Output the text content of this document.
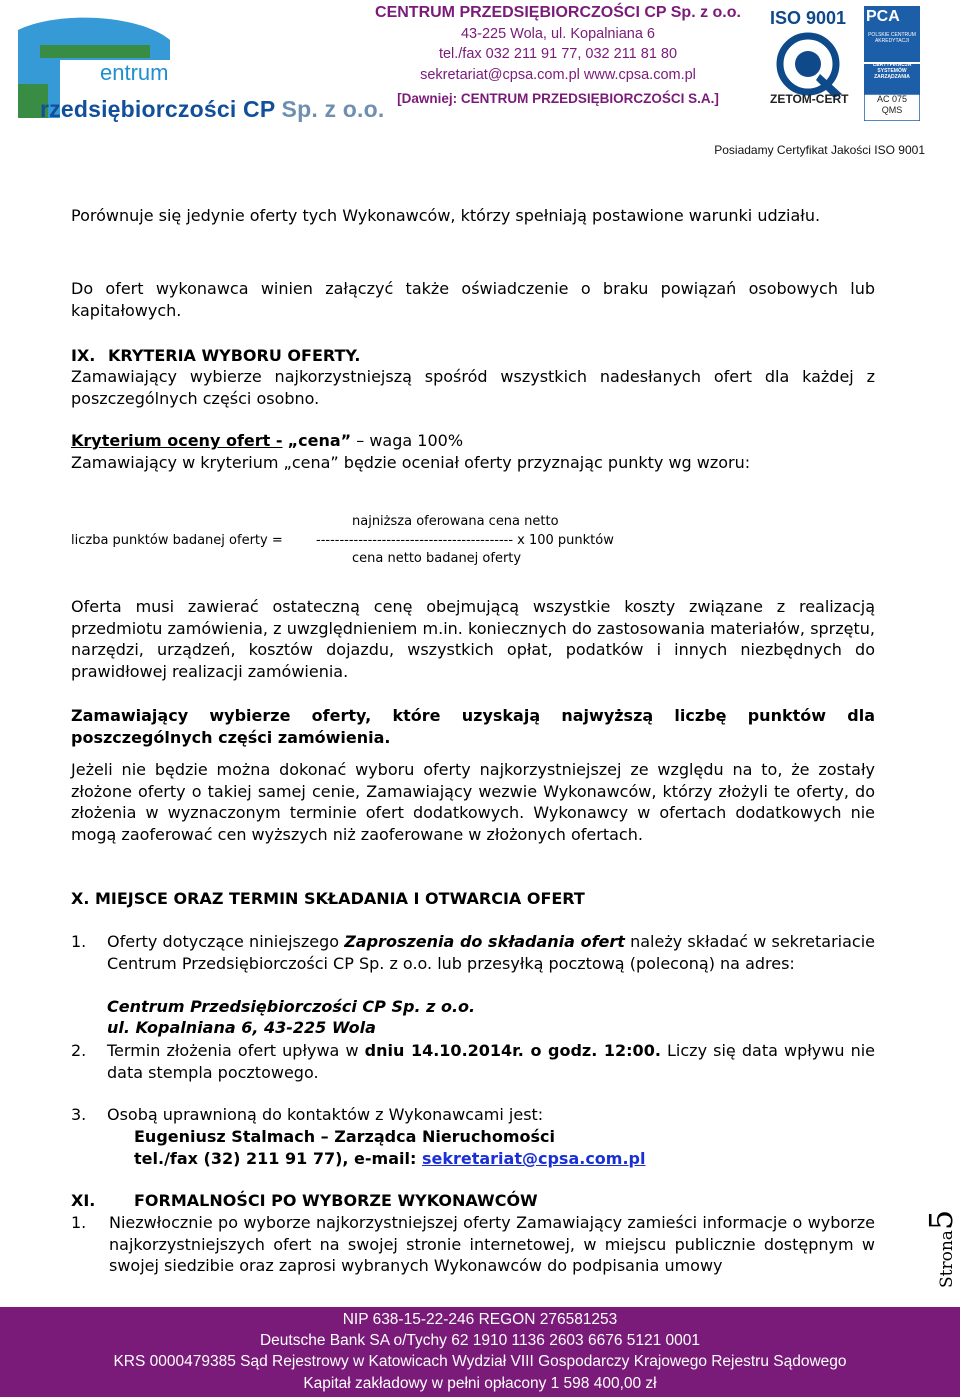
entrum
rzedsiębiorczości CP Sp. z o.o.
CENTRUM PRZEDSIĘBIORCZOŚCI CP Sp. z o.o.
43-225 Wola, ul. Kopalniana 6
tel./fax 032 211 91 77, 032 211 81 80
sekretariat@cpsa.com.pl www.cpsa.com.pl
[Dawniej: CENTRUM PRZEDSIĘBIORCZOŚCI S.A.]
ISO 9001
ZETOM-CERT
PCA
POLSKIE CENTRUM AKREDYTACJI
CERTYFIKACJA SYSTEMÓW ZARZĄDZANIA
AC 075
QMS
Posiadamy Certyfikat Jakości ISO 9001
Porównuje się jedynie oferty tych Wykonawców, którzy spełniają postawione warunki udziału.
Do ofert wykonawca winien załączyć także oświadczenie o braku powiązań osobowych lub kapitałowych.
IX. KRYTERIA WYBORU OFERTY.
Zamawiający wybierze najkorzystniejszą spośród wszystkich nadesłanych ofert dla każdej z poszczególnych części osobno.
Kryterium oceny ofert - „cena” – waga 100%
Zamawiający w kryterium „cena” będzie oceniał oferty przyznając punkty wg wzoru:
najniższa oferowana cena netto
liczba punktów badanej oferty =	------------------------------------------ x 100 punktów
cena netto badanej oferty
Oferta musi zawierać ostateczną cenę obejmującą wszystkie koszty związane z realizacją przedmiotu zamówienia, z uwzględnieniem m.in. koniecznych do zastosowania materiałów, sprzętu, narzędzi, urządzeń, kosztów dojazdu, wszystkich opłat, podatków i innych niezbędnych do prawidłowej realizacji zamówienia.
Zamawiający wybierze oferty, które uzyskają najwyższą liczbę punktów dla poszczególnych części zamówienia.
Jeżeli nie będzie można dokonać wyboru oferty najkorzystniejszej ze względu na to, że zostały złożone oferty o takiej samej cenie, Zamawiający wezwie Wykonawców, którzy złożyli te oferty, do złożenia w wyznaczonym terminie ofert dodatkowych. Wykonawcy w ofertach dodatkowych nie mogą zaoferować cen wyższych niż zaoferowane w złożonych ofertach.
X. MIEJSCE ORAZ TERMIN SKŁADANIA I OTWARCIA OFERT
1. Oferty dotyczące niniejszego Zaproszenia do składania ofert należy składać w sekretariacie Centrum Przedsiębiorczości CP Sp. z o.o. lub przesyłką pocztową (poleconą) na adres:
Centrum Przedsiębiorczości CP Sp. z o.o.
ul. Kopalniana 6, 43-225 Wola
2. Termin złożenia ofert upływa w dniu 14.10.2014r. o godz. 12:00. Liczy się data wpływu nie data stempla pocztowego.
3. Osobą uprawnioną do kontaktów z Wykonawcami jest:
Eugeniusz Stalmach – Zarządca Nieruchomości
tel./fax (32) 211 91 77), e-mail: sekretariat@cpsa.com.pl
XI. FORMALNOŚCI PO WYBORZE WYKONAWCÓW
1. Niezwłocznie po wyborze najkorzystniejszej oferty Zamawiający zamieści informacje o wyborze najkorzystniejszych ofert na swojej stronie internetowej, w miejscu publicznie dostępnym w swojej siedzibie oraz zaprosi wybranych Wykonawców do podpisania umowy	Strona5
NIP 638-15-22-246 REGON 276581253
Deutsche Bank SA o/Tychy 62 1910 1136 2603 6676 5121 0001
KRS 0000479385 Sąd Rejestrowy w Katowicach Wydział VIII Gospodarczy Krajowego Rejestru Sądowego
Kapitał zakładowy w pełni opłacony 1 598 400,00 zł
